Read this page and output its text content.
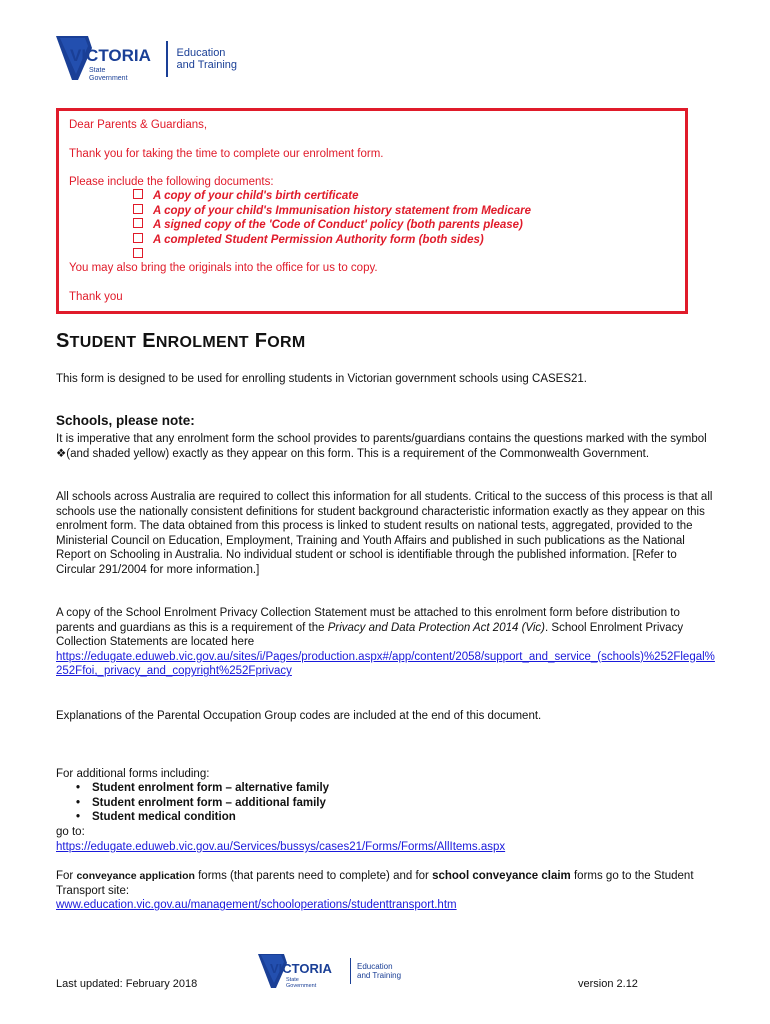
VICTORIA
State
Government
Education
and Training

Dear Parents & Guardians,

Thank you for taking the time to complete our enrolment form.

Please include the following documents:

A copy of your child's birth certificate
A copy of your child's Immunisation history statement from Medicare
A signed copy of the 'Code of Conduct' policy (both parents please)
A completed Student Permission Authority form (both sides)

You may also bring the originals into the office for us to copy.

Thank you

STUDENT ENROLMENT FORM

This form is designed to be used for enrolling students in Victorian government schools using CASES21.

Schools, please note:

It is imperative that any enrolment form the school provides to parents/guardians contains the questions marked with the symbol ❖(and shaded yellow) exactly as they appear on this form. This is a requirement of the Commonwealth Government.

All schools across Australia are required to collect this information for all students. Critical to the success of this process is that all schools use the nationally consistent definitions for student background characteristic information exactly as they appear on this enrolment form. The data obtained from this process is linked to student results on national tests, aggregated, provided to the Ministerial Council on Education, Employment, Training and Youth Affairs and published in such publications as the National Report on Schooling in Australia. No individual student or school is identifiable through the published information. [Refer to Circular 291/2004 for more information.]

A copy of the School Enrolment Privacy Collection Statement must be attached to this enrolment form before distribution to parents and guardians as this is a requirement of the Privacy and Data Protection Act 2014 (Vic). School Enrolment Privacy Collection Statements are located here
https://edugate.eduweb.vic.gov.au/sites/i/Pages/production.aspx#/app/content/2058/support_and_service_(schools)%252Flegal%252Ffoi,_privacy_and_copyright%252Fprivacy

Explanations of the Parental Occupation Group codes are included at the end of this document.

For additional forms including:

• Student enrolment form – alternative family
• Student enrolment form – additional family
• Student medical condition

go to:

https://edugate.eduweb.vic.gov.au/Services/bussys/cases21/Forms/Forms/AllItems.aspx

For conveyance application forms (that parents need to complete) and for school conveyance claim forms go to the Student Transport site:
www.education.vic.gov.au/management/schooloperations/studenttransport.htm

VICTORIA
State
Government
Education
and Training
Last updated: February 2018	version 2.12
